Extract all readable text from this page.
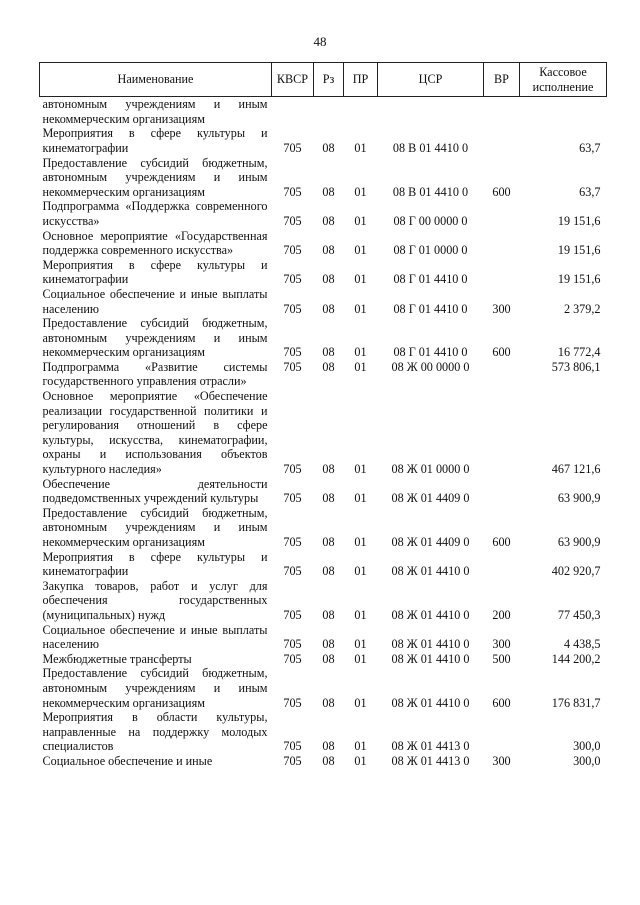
48
Наименование	КВСР	Рз	ПР	ЦСР	ВР	Кассовое исполнение
автономным учреждениям и иным некоммерческим организациям						
Мероприятия в сфере культуры и кинематографии	705	08	01	08 В 01 4410 0		63,7
Предоставление субсидий бюджетным, автономным учреждениям и иным некоммерческим организациям	705	08	01	08 В 01 4410 0	600	63,7
Подпрограмма «Поддержка современного искусства»	705	08	01	08 Г 00 0000 0		19 151,6
Основное мероприятие «Государственная поддержка современного искусства»	705	08	01	08 Г 01 0000 0		19 151,6
Мероприятия в сфере культуры и кинематографии	705	08	01	08 Г 01 4410 0		19 151,6
Социальное обеспечение и иные выплаты населению	705	08	01	08 Г 01 4410 0	300	2 379,2
Предоставление субсидий бюджетным, автономным учреждениям и иным некоммерческим организациям	705	08	01	08 Г 01 4410 0	600	16 772,4
Подпрограмма «Развитие системы государственного управления отрасли»	705	08	01	08 Ж 00 0000 0		573 806,1
Основное мероприятие «Обеспечение реализации государственной политики и регулирования отношений в сфере культуры, искусства, кинематографии, охраны и использования объектов культурного наследия»	705	08	01	08 Ж 01 0000 0		467 121,6
Обеспечение деятельности подведомственных учреждений культуры	705	08	01	08 Ж 01 4409 0		63 900,9
Предоставление субсидий бюджетным, автономным учреждениям и иным некоммерческим организациям	705	08	01	08 Ж 01 4409 0	600	63 900,9
Мероприятия в сфере культуры и кинематографии	705	08	01	08 Ж 01 4410 0		402 920,7
Закупка товаров, работ и услуг для обеспечения государственных (муниципальных) нужд	705	08	01	08 Ж 01 4410 0	200	77 450,3
Социальное обеспечение и иные выплаты населению	705	08	01	08 Ж 01 4410 0	300	4 438,5
Межбюджетные трансферты	705	08	01	08 Ж 01 4410 0	500	144 200,2
Предоставление субсидий бюджетным, автономным учреждениям и иным некоммерческим организациям	705	08	01	08 Ж 01 4410 0	600	176 831,7
Мероприятия в области культуры, направленные на поддержку молодых специалистов	705	08	01	08 Ж 01 4413 0		300,0
Социальное обеспечение и иные	705	08	01	08 Ж 01 4413 0	300	300,0
